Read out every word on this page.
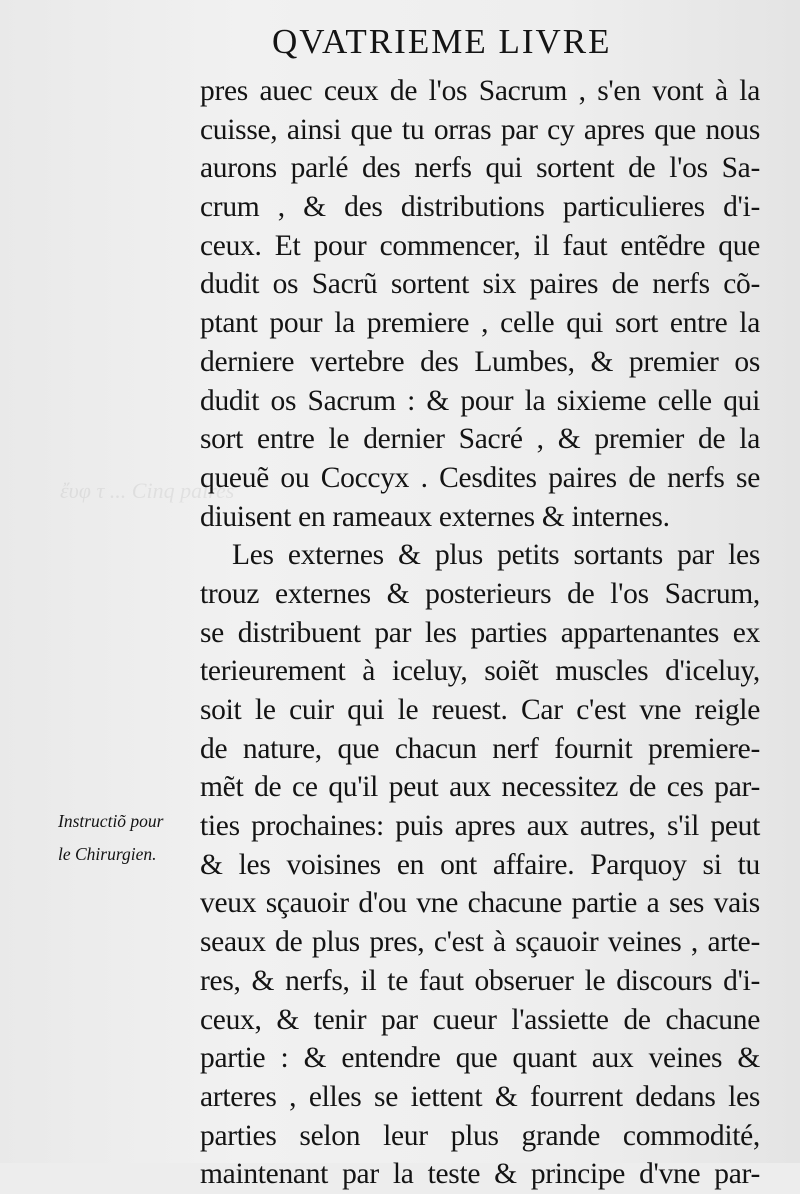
ἔυφ τ ... Cinq paires
QVATRIEME LIVRE
pres auec ceux de l'os Sacrum , s'en vont à la
cuisse, ainsi que tu orras par cy apres que nous
aurons parlé des nerfs qui sortent de l'os Sa-
crum , & des distributions particulieres d'i-
ceux. Et pour commencer, il faut entẽdre que
dudit os Sacrũ sortent six paires de nerfs cõ-
ptant pour la premiere , celle qui sort entre la
derniere vertebre des Lumbes, & premier os
dudit os Sacrum : & pour la sixieme celle qui
sort entre le dernier Sacré , & premier de la
queuẽ ou Coccyx . Cesdites paires de nerfs se
diuisent en rameaux externes & internes.
Les externes & plus petits sortants par les
trouz externes & posterieurs de l'os Sacrum,
se distribuent par les parties appartenantes ex
terieurement à iceluy, soiẽt muscles d'iceluy,
soit le cuir qui le reuest. Car c'est vne reigle
de nature, que chacun nerf fournit premiere-
mẽt de ce qu'il peut aux necessitez de ces par-
ties prochaines: puis apres aux autres, s'il peut
& les voisines en ont affaire. Parquoy si tu
veux sçauoir d'ou vne chacune partie a ses vais
seaux de plus pres, c'est à sçauoir veines , arte-
res, & nerfs, il te faut obseruer le discours d'i-
ceux, & tenir par cueur l'assiette de chacune
partie : & entendre que quant aux veines &
arteres , elles se iettent & fourrent dedans les
parties selon leur plus grande commodité,
maintenant par la teste & principe d'vne par-
Instructiõ pour
le Chirurgien.
